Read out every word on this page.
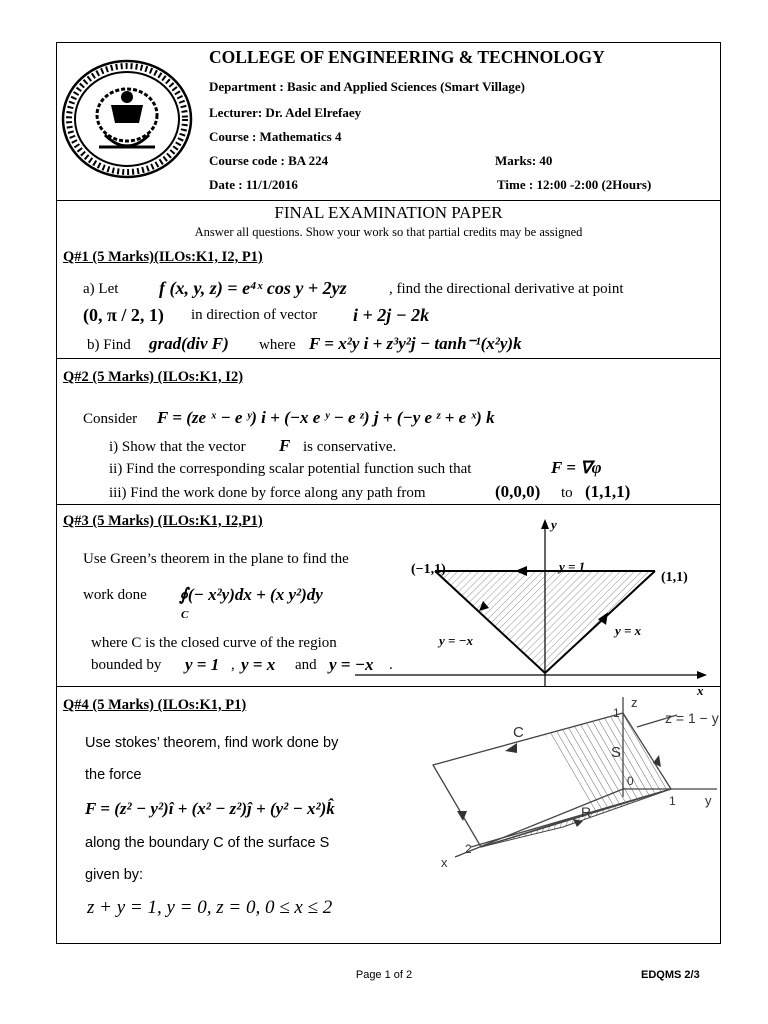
COLLEGE OF ENGINEERING & TECHNOLOGY
Department : Basic and Applied Sciences (Smart Village)
Lecturer: Dr. Adel Elrefaey
Course : Mathematics 4
Course code : BA 224	Marks: 40
Date : 11/1/2016	Time : 12:00 -2:00 (2Hours)
FINAL EXAMINATION PAPER
Answer all questions. Show your work so that partial credits may be assigned
Q#1 (5 Marks)(ILOs:K1, I2, P1)
a) Let f (x, y, z) = e⁴ˣ cos y + 2yz	, find the directional derivative at point
(0, π / 2, 1) in direction of vector i + 2j − 2k
b) Find grad(div F) where F = x²y i + z³y²j − tanh⁻¹(x²y)k
Q#2 (5 Marks) (ILOs:K1, I2)
Consider F = (ze ˣ − e ʸ) i + (−x e ʸ − e ᶻ) j + (−y e ᶻ + e ˣ) k
i) Show that the vector F is conservative.
ii) Find the corresponding scalar potential function such that	F = ∇φ
iii) Find the work done by force along any path from	(0,0,0) to (1,1,1)
Q#3 (5 Marks) (ILOs:K1, I2,P1)
Use Green’s theorem in the plane to find the
work done ∮(− x²y)dx + (x y²)dy
C
where C is the closed curve of the region
bounded by y = 1 , y = x and y = −x .
y
x
(−1,1)
(1,1)
y = 1
y = x
y = −x
Q#4 (5 Marks) (ILOs:K1, P1)
Use stokes’ theorem, find work done by
the force
F = (z² − y²)î + (x² − z²)ĵ + (y² − x²)k̂
along the boundary C of the surface S
given by:
z + y = 1, y = 0, z = 0, 0 ≤ x ≤ 2
z
y
x
z = 1 − y
C
S
R
0
1
1
2
Page 1 of 2	EDQMS 2/3
